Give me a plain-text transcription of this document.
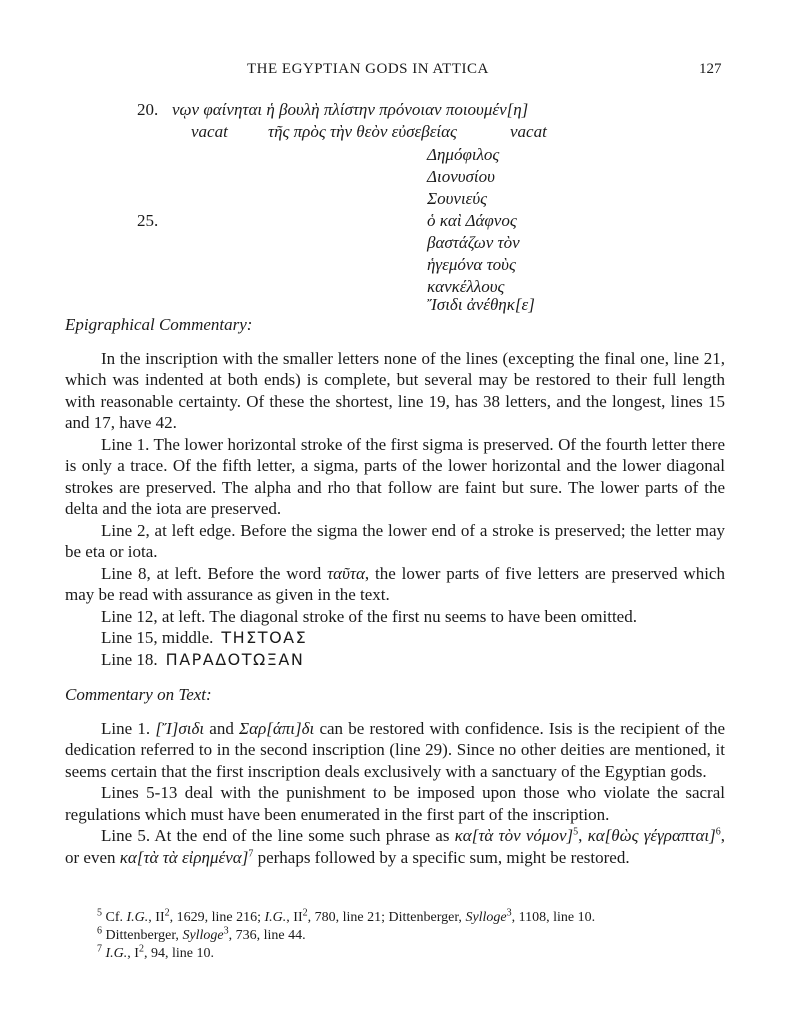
THE EGYPTIAN GODS IN ATTICA	127
20. νῳν φαίνηται ἡ βουλὴ πλίστην πρόνοιαν ποιουμέν[η]
vacat τῆς πρὸς τὴν θεὸν εὐσεβείας	vacat
Δημόφιλος
Διονυσίου
Σουνιεύς
25.	ὁ καὶ Δάφνος
βαστάζων τὸν
ἡγεμόνα τοὺς
κανκέλλους
Ἴσιδι ἀνέθηκ[ε]
Epigraphical Commentary:

In the inscription with the smaller letters none of the lines (excepting the final one, line 21, which was indented at both ends) is complete, but several may be restored to their full length with reasonable certainty. Of these the shortest, line 19, has 38 letters, and the longest, lines 15 and 17, have 42.

Line 1. The lower horizontal stroke of the first sigma is preserved. Of the fourth letter there is only a trace. Of the fifth letter, a sigma, parts of the lower horizontal and the lower diagonal strokes are preserved. The alpha and rho that follow are faint but sure. The lower parts of the delta and the iota are preserved.

Line 2, at left edge. Before the sigma the lower end of a stroke is preserved; the letter may be eta or iota.

Line 8, at left. Before the word ταῦτα, the lower parts of five letters are preserved which may be read with assurance as given in the text.

Line 12, at left. The diagonal stroke of the first nu seems to have been omitted.

Line 15, middle. ΤΗΣΤΟΑΣ

Line 18. ΠΑΡΑΔΟΤΩΞΑΝ

Commentary on Text:

Line 1. [Ἴ]σιδι and Σαρ[άπι]δι can be restored with confidence. Isis is the recipient of the dedication referred to in the second inscription (line 29). Since no other deities are mentioned, it seems certain that the first inscription deals exclusively with a sanctuary of the Egyptian gods.

Lines 5-13 deal with the punishment to be imposed upon those who violate the sacral regulations which must have been enumerated in the first part of the inscription.

Line 5. At the end of the line some such phrase as κα[τὰ τὸν νόμον]$^5$, κα[θὼς γέγραπται]$^6$, or even κα[τὰ τὰ εἰρημένα]$^7$ perhaps followed by a specific sum, might be restored.

$^5$ Cf. I.G., $II^2$, 1629, line 216; I.G., $II^2$, 780, line 21; Dittenberger, Sylloge$^3$, 1108, line 10.
$^6$ Dittenberger, Sylloge$^3$, 736, line 44.
$^7$ I.G., $I^2$, 94, line 10.
